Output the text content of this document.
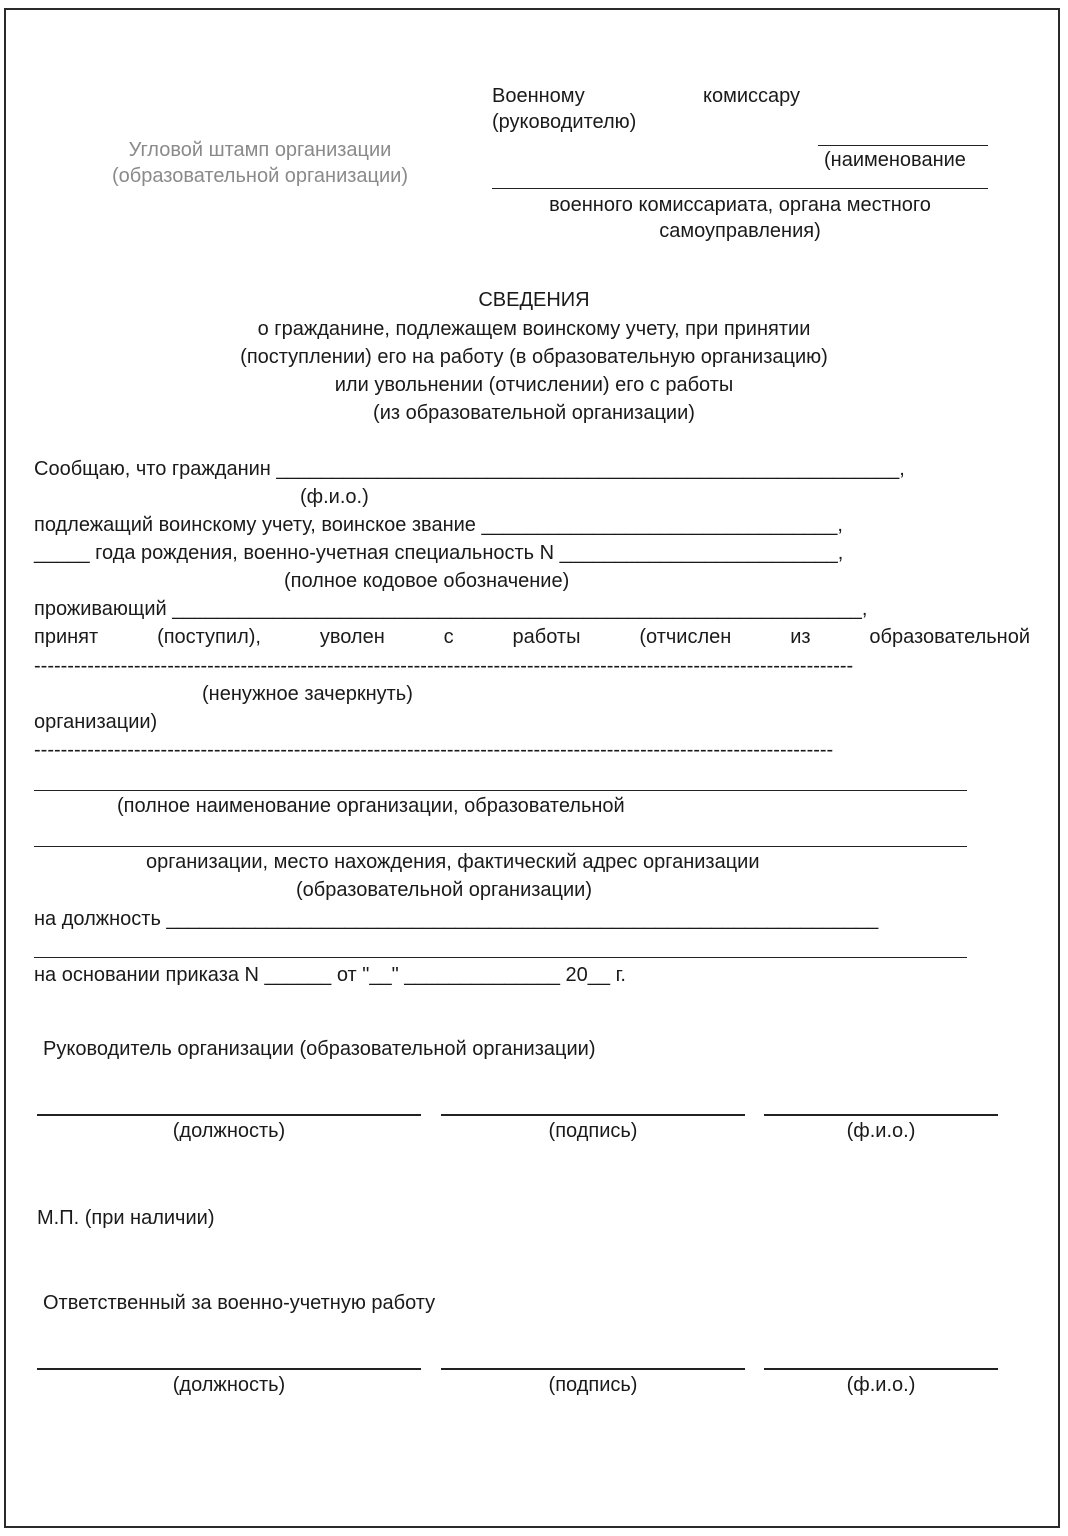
Угловой штамп организации
(образовательной организации)
Военному	комиссару
(руководителю)
(наименование
военного комиссариата, органа местного
самоуправления)
СВЕДЕНИЯ
о гражданине, подлежащем воинскому учету, при принятии
(поступлении) его на работу (в образовательную организацию)
или увольнении (отчислении) его с работы
(из образовательной организации)
Сообщаю, что гражданин ________________________________________________________,
(ф.и.о.)
подлежащий воинскому учету, воинское звание ________________________________,
_____ года рождения, военно-учетная специальность N _________________________,
(полное кодовое обозначение)
проживающий ______________________________________________________________,
принят	(поступил),	уволен	с	работы	(отчислен	из	образовательной
---------------------------------------------------------------------------------------------------------------------------
(ненужное зачеркнуть)
организации)
------------------------------------------------------------------------------------------------------------------------
(полное наименование организации, образовательной
организации, место нахождения, фактический адрес организации
(образовательной организации)
на должность ________________________________________________________________
на основании приказа N ______ от "__" ______________ 20__ г.
Руководитель организации (образовательной организации)
(должность)	(подпись)	(ф.и.о.)
М.П. (при наличии)
Ответственный за военно-учетную работу
(должность)	(подпись)	(ф.и.о.)
